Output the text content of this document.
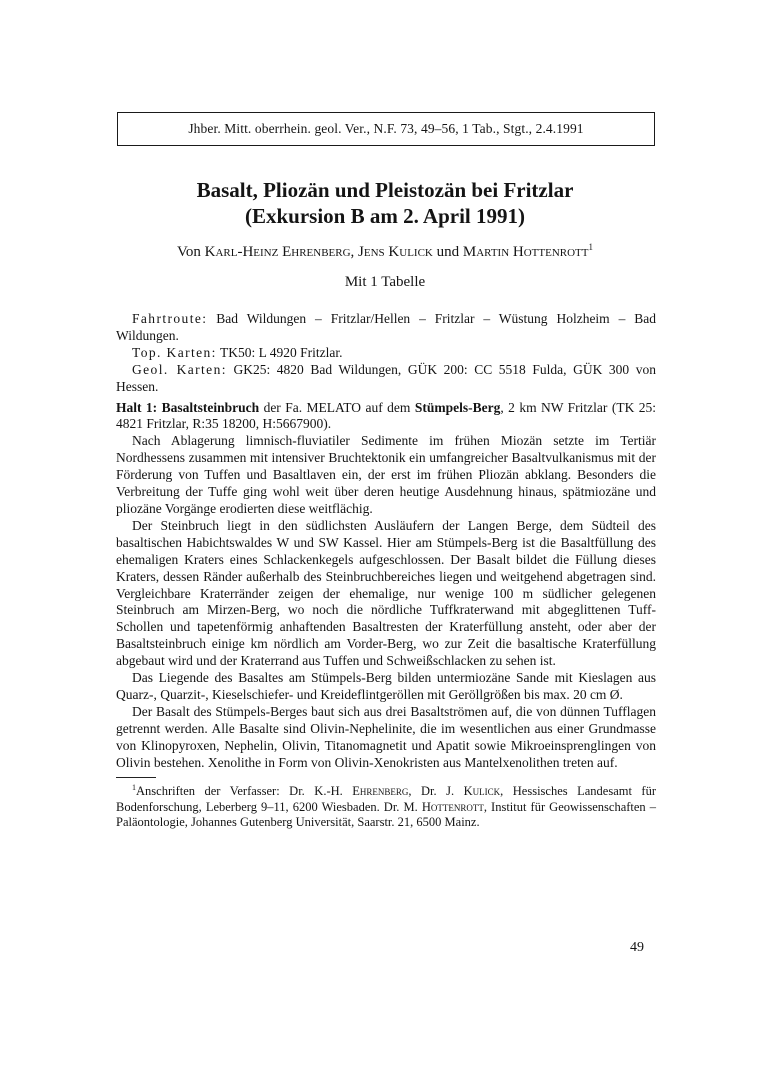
Jhber. Mitt. oberrhein. geol. Ver., N.F. 73, 49–56, 1 Tab., Stgt., 2.4.1991
Basalt, Pliozän und Pleistozän bei Fritzlar
(Exkursion B am 2. April 1991)
Von Karl-Heinz Ehrenberg, Jens Kulick und Martin Hottenrott$^1$
Mit 1 Tabelle

Fahrtroute: Bad Wildungen – Fritzlar/Hellen – Fritzlar – Wüstung Holzheim – Bad Wildungen.

Top. Karten: TK50: L 4920 Fritzlar.

Geol. Karten: GK25: 4820 Bad Wildungen, GÜK 200: CC 5518 Fulda, GÜK 300 von Hessen.

Halt 1: Basaltsteinbruch der Fa. MELATO auf dem Stümpels-Berg, 2 km NW Fritzlar (TK 25: 4821 Fritzlar, R:35 18200, H:5667900).

Nach Ablagerung limnisch-fluviatiler Sedimente im frühen Miozän setzte im Tertiär Nordhessens zusammen mit intensiver Bruchtektonik ein umfangreicher Basaltvulkanismus mit der Förderung von Tuffen und Basaltlaven ein, der erst im frühen Pliozän abklang. Besonders die Verbreitung der Tuffe ging wohl weit über deren heutige Ausdehnung hinaus, spätmiozäne und pliozäne Vorgänge erodierten diese weitflächig.

Der Steinbruch liegt in den südlichsten Ausläufern der Langen Berge, dem Südteil des basaltischen Habichtswaldes W und SW Kassel. Hier am Stümpels-Berg ist die Basaltfüllung des ehemaligen Kraters eines Schlackenkegels aufgeschlossen. Der Basalt bildet die Füllung dieses Kraters, dessen Ränder außerhalb des Steinbruchbereiches liegen und weitgehend abgetragen sind. Vergleichbare Kraterränder zeigen der ehemalige, nur wenige 100 m südlicher gelegenen Steinbruch am Mirzen-Berg, wo noch die nördliche Tuffkraterwand mit abgeglittenen Tuff-Schollen und tapetenförmig anhaftenden Basaltresten der Kraterfüllung ansteht, oder aber der Basaltsteinbruch einige km nördlich am Vorder-Berg, wo zur Zeit die basaltische Kraterfüllung abgebaut wird und der Kraterrand aus Tuffen und Schweißschlacken zu sehen ist.

Das Liegende des Basaltes am Stümpels-Berg bilden untermiozäne Sande mit Kieslagen aus Quarz-, Quarzit-, Kieselschiefer- und Kreideflintgeröllen mit Geröllgrößen bis max. 20 cm Ø.

Der Basalt des Stümpels-Berges baut sich aus drei Basaltströmen auf, die von dünnen Tufflagen getrennt werden. Alle Basalte sind Olivin-Nephelinite, die im wesentlichen aus einer Grundmasse von Klinopyroxen, Nephelin, Olivin, Titanomagnetit und Apatit sowie Mikroeinsprenglingen von Olivin bestehen. Xenolithe in Form von Olivin-Xenokristen aus Mantelxenolithen treten auf.

$^1$Anschriften der Verfasser: Dr. K.-H. Ehrenberg, Dr. J. Kulick, Hessisches Landesamt für Bodenforschung, Leberberg 9–11, 6200 Wiesbaden. Dr. M. Hottenrott, Institut für Geowissenschaften – Paläontologie, Johannes Gutenberg Universität, Saarstr. 21, 6500 Mainz.

49
